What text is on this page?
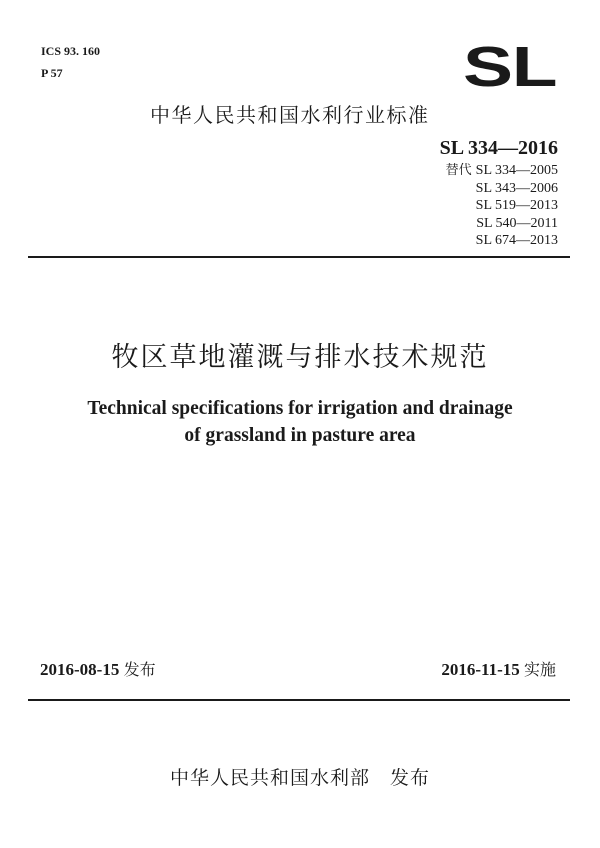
ICS 93. 160
P 57	SL
中华人民共和国水利行业标准
SL 334—2016
替代 SL 334—2005
SL 343—2006
SL 519—2013
SL 540—2011
SL 674—2013
牧区草地灌溉与排水技术规范
Technical specifications for irrigation and drainage
of grassland in pasture area
2016-08-15 发布	2016-11-15 实施
中华人民共和国水利部 发布
